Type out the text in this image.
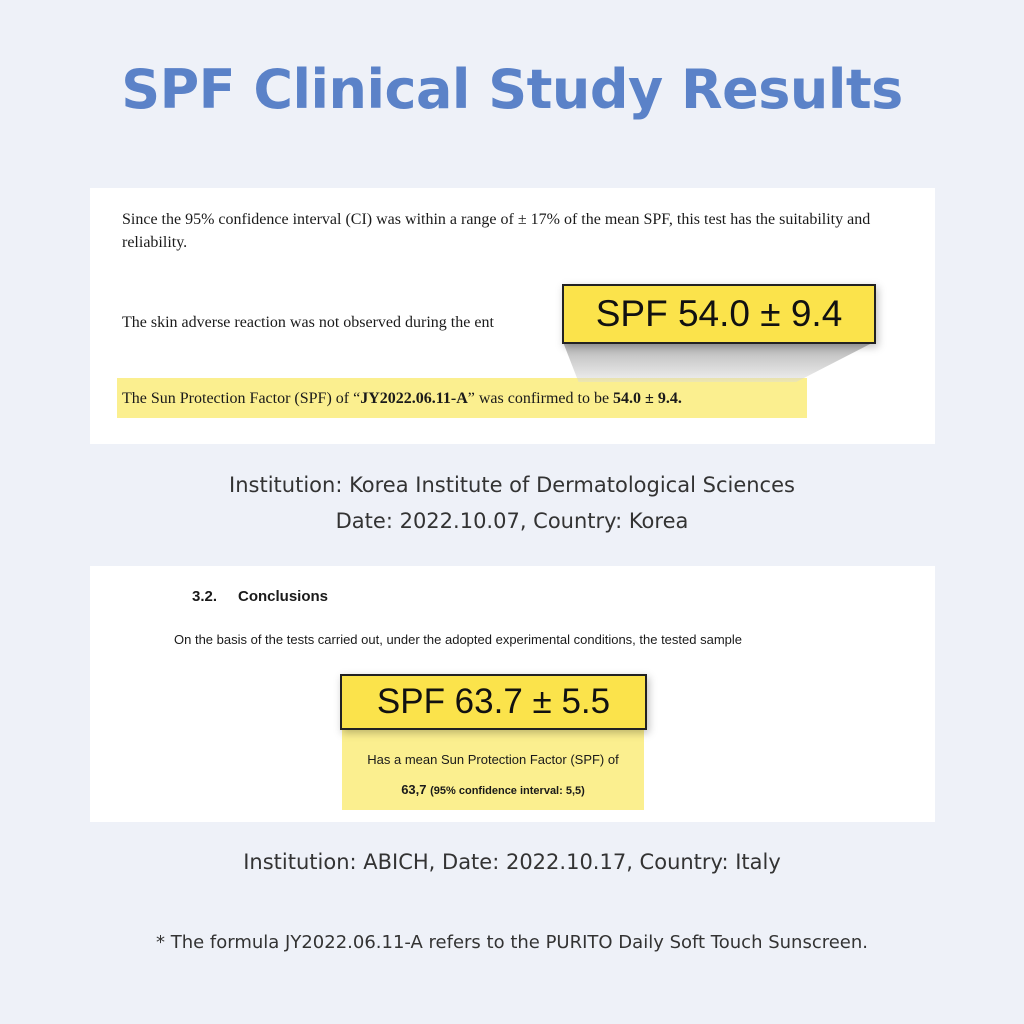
SPF Clinical Study Results
Since the 95% confidence interval (CI) was within a range of ± 17% of the mean SPF, this test has the suitability and reliability.
The skin adverse reaction was not observed during the ent
The Sun Protection Factor (SPF) of “JY2022.06.11-A” was confirmed to be 54.0 ± 9.4.
SPF 54.0 ± 9.4
Institution: Korea Institute of Dermatological Sciences
Date: 2022.10.07, Country: Korea
3.2. Conclusions
On the basis of the tests carried out, under the adopted experimental conditions, the tested sample
Has a mean Sun Protection Factor (SPF) of
63,7 (95% confidence interval: 5,5)
SPF 63.7 ± 5.5
Institution: ABICH, Date: 2022.10.17, Country: Italy
* The formula JY2022.06.11-A refers to the PURITO Daily Soft Touch Sunscreen.
